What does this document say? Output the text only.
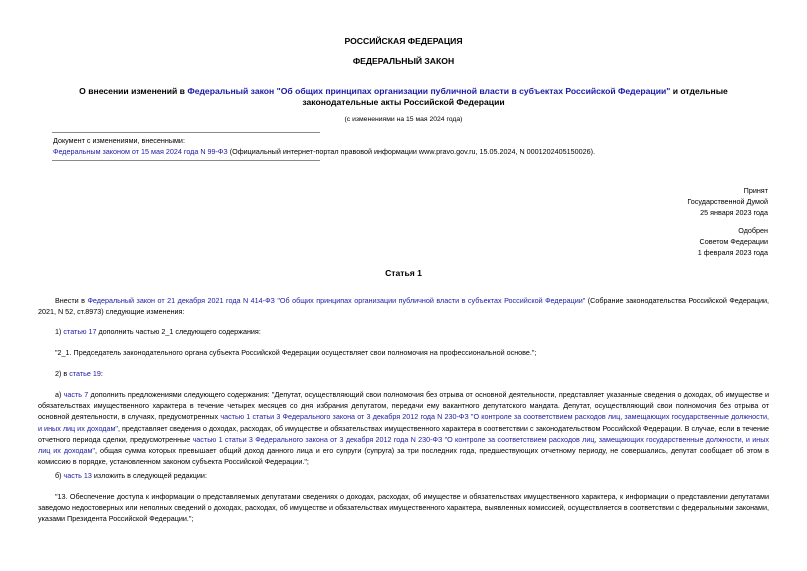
РОССИЙСКАЯ ФЕДЕРАЦИЯ
ФЕДЕРАЛЬНЫЙ ЗАКОН
О внесении изменений в Федеральный закон "Об общих принципах организации публичной власти в субъектах Российской Федерации" и отдельные
законодательные акты Российской Федерации
(с изменениями на 15 мая 2024 года)
Документ с изменениями, внесенными:
Федеральным законом от 15 мая 2024 года N 99-ФЗ (Официальный интернет-портал правовой информации www.pravo.gov.ru, 15.05.2024, N 0001202405150026).
Принят
Государственной Думой
25 января 2023 года
Одобрен
Советом Федерации
1 февраля 2023 года
Статья 1
Внести в Федеральный закон от 21 декабря 2021 года N 414-ФЗ "Об общих принципах организации публичной власти в субъектах Российской Федерации" (Собрание законодательства Российской Федерации, 2021, N 52, ст.8973) следующие изменения:
1) статью 17 дополнить частью 2_1 следующего содержания:
"2_1. Председатель законодательного органа субъекта Российской Федерации осуществляет свои полномочия на профессиональной основе.";
2) в статье 19:
а) часть 7 дополнить предложениями следующего содержания: "Депутат, осуществляющий свои полномочия без отрыва от основной деятельности, представляет указанные сведения о доходах, об имуществе и обязательствах имущественного характера в течение четырех месяцев со дня избрания депутатом, передачи ему вакантного депутатского мандата. Депутат, осуществляющий свои полномочия без отрыва от основной деятельности, в случаях, предусмотренных частью 1 статьи 3 Федерального закона от 3 декабря 2012 года N 230-ФЗ "О контроле за соответствием расходов лиц, замещающих государственные должности, и иных лиц их доходам", представляет сведения о доходах, расходах, об имуществе и обязательствах имущественного характера в соответствии с законодательством Российской Федерации. В случае, если в течение отчетного периода сделки, предусмотренные частью 1 статьи 3 Федерального закона от 3 декабря 2012 года N 230-ФЗ "О контроле за соответствием расходов лиц, замещающих государственные должности, и иных лиц их доходам", общая сумма которых превышает общий доход данного лица и его супруги (супруга) за три последних года, предшествующих отчетному периоду, не совершались, депутат сообщает об этом в комиссию в порядке, установленном законом субъекта Российской Федерации.";
б) часть 13 изложить в следующей редакции:
"13. Обеспечение доступа к информации о представляемых депутатами сведениях о доходах, расходах, об имуществе и обязательствах имущественного характера, к информации о представлении депутатами заведомо недостоверных или неполных сведений о доходах, расходах, об имуществе и обязательствах имущественного характера, выявленных комиссией, осуществляется в соответствии с федеральными законами, указами Президента Российской Федерации.";
